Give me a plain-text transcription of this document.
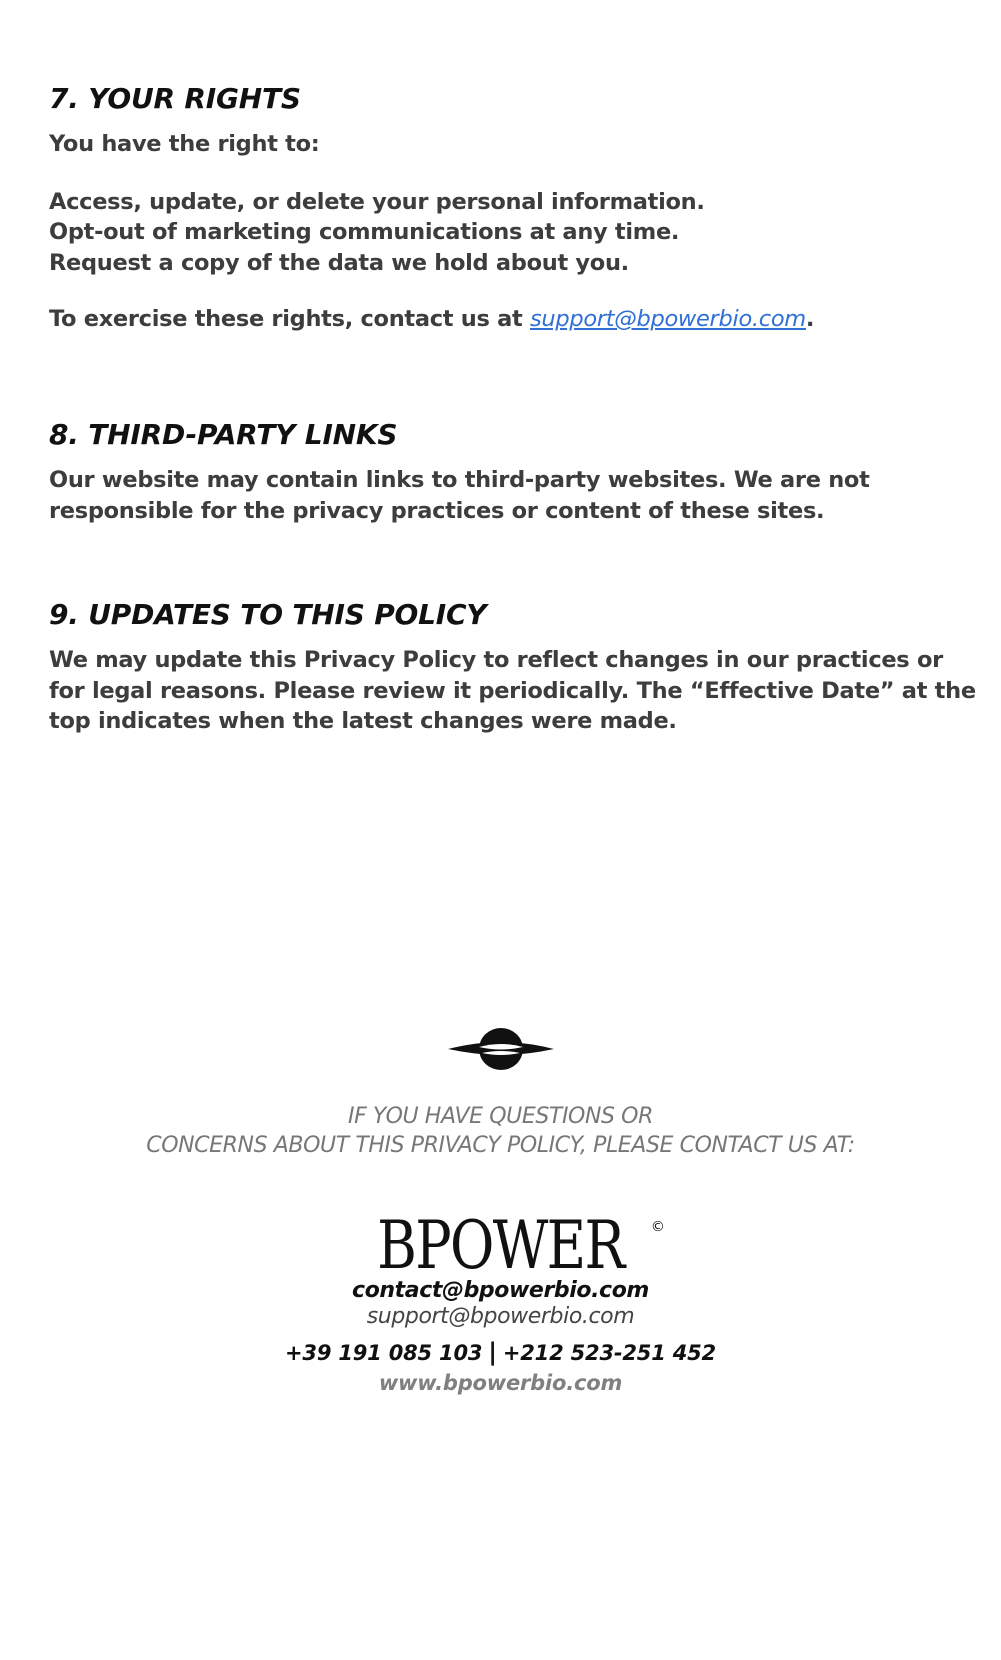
7. YOUR RIGHTS

You have the right to:

Access, update, or delete your personal information.

Opt-out of marketing communications at any time.

Request a copy of the data we hold about you.

To exercise these rights, contact us at support@bpowerbio.com.

8. THIRD-PARTY LINKS

Our website may contain links to third-party websites. We are not

responsible for the privacy practices or content of these sites.

9. UPDATES TO THIS POLICY

We may update this Privacy Policy to reflect changes in our practices or

for legal reasons. Please review it periodically. The “Effective Date” at the

top indicates when the latest changes were made.

IF YOU HAVE QUESTIONS OR
CONCERNS ABOUT THIS PRIVACY POLICY, PLEASE CONTACT US AT:
BPOWER ©
contact@bpowerbio.com
support@bpowerbio.com
+39 191 085 103 | +212 523-251 452
www.bpowerbio.com
